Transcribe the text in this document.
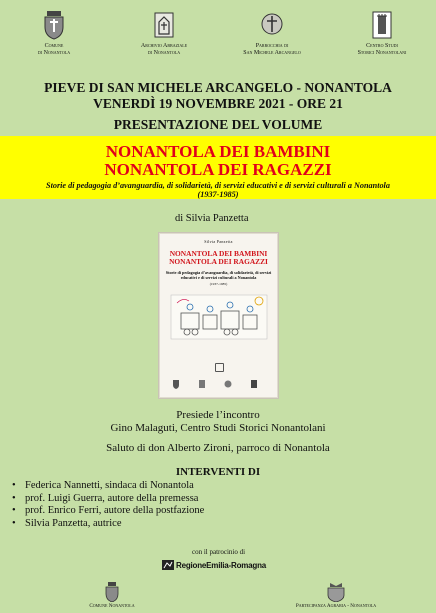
Comune
di Nonantola
Archivio Abbaziale
di Nonantola
Parrocchia di
San Michele Arcangelo
Centro Studi
Storici Nonantolani
PIEVE DI SAN MICHELE ARCANGELO - NONANTOLA
VENERDÌ 19 NOVEMBRE 2021 - ORE 21
PRESENTAZIONE DEL VOLUME
NONANTOLA DEI BAMBINI
NONANTOLA DEI RAGAZZI
Storie di pedagogia d’avanguardia, di solidarietà, di servizi educativi e di servizi culturali a Nonantola
(1937-1985)
di Silvia Panzetta
Silvia Panzetta
NONANTOLA DEI BAMBINI
NONANTOLA DEI RAGAZZI
Storie di pedagogia d’avanguardia, di solidarietà, di servizi educativi e di servizi culturali a Nonantola
(1937-1985)
Presiede l’incontro
Gino Malaguti, Centro Studi Storici Nonantolani
Saluto di don Alberto Zironi, parroco di Nonantola
INTERVENTI DI
• Federica Nannetti, sindaca di Nonantola
• prof. Luigi Guerra, autore della premessa
• prof. Enrico Ferri, autore della postfazione
• Silvia Panzetta, autrice
con il patrocinio di
RegioneEmilia-Romagna
Comune Nonantola	Partecipanza Agraria - Nonantola
